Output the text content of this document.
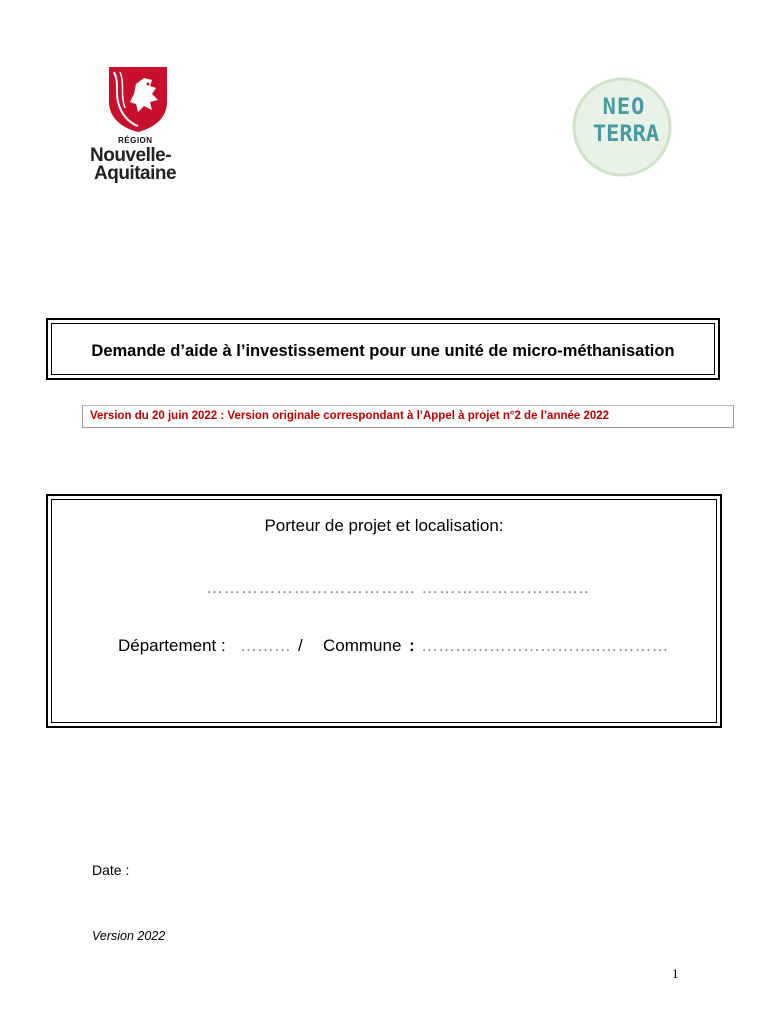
RÉGION
Nouvelle-
Aquitaine
NEO
TERRA
Demande d’aide à l’investissement pour une unité de micro-méthanisation
Version du 20 juin 2022 : Version originale correspondant à l’Appel à projet n°2 de l’année 2022
Porteur de projet et localisation:
……………………………… ………………………..
Département : ……… / Commune : …………………………..…………
Date :
Version 2022
1
